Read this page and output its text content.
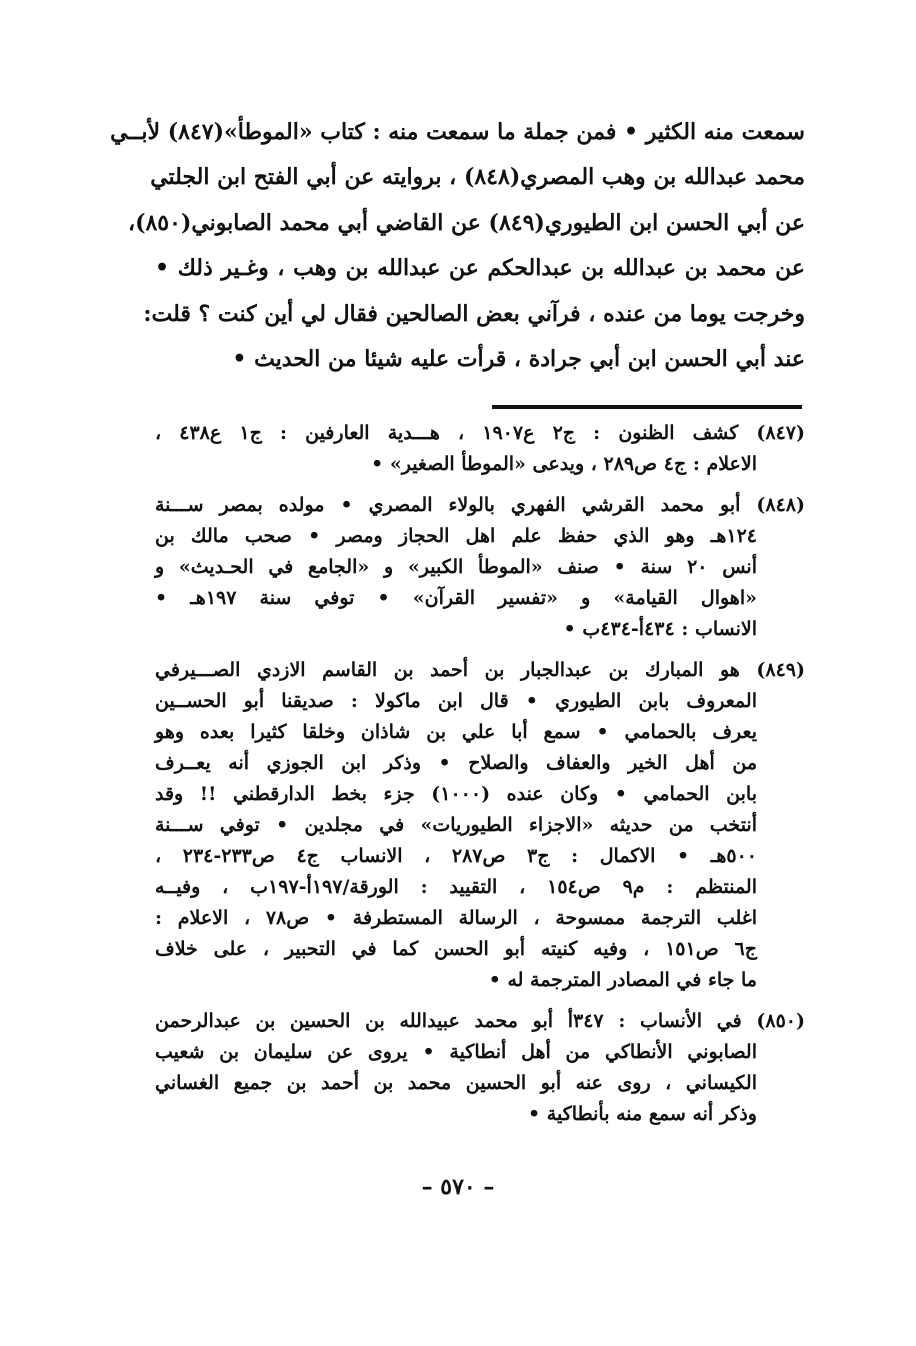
سمعت منه الكثير • فمن جملة ما سمعت منه : كتاب «الموطأ»(٨٤٧) لأبــي
محمد عبدالله بن وهب المصري(٨٤٨) ، بروايته عن أبي الفتح ابن الجلتي
عن أبي الحسن ابن الطيوري(٨٤٩) عن القاضي أبي محمد الصابوني(٨٥٠)،
عن محمد بن عبدالله بن عبدالحكم عن عبدالله بن وهب ، وغـير ذلك •
وخرجت يوما من عنده ، فرآني بعض الصالحين فقال لي أين كنت ؟ قلت:
عند أبي الحسن ابن أبي جرادة ، قرأت عليه شيئا من الحديث •
(٨٤٧) كشف الظنون : ج٢ ع١٩٠٧ ، هـــدية العارفين : ج١ ع٤٣٨ ،
الاعلام : ج٤ ص٢٨٩ ، ويدعى «الموطأ الصغير» •
(٨٤٨) أبو محمد القرشي الفهري بالولاء المصري • مولده بمصر ســـنة
١٢٤هـ وهو الذي حفظ علم اهل الحجاز ومصر • صحب مالك بن
أنس ٢٠ سنة • صنف «الموطأ الكبير» و «الجامع في الحـديث» و
«اهوال القيامة» و «تفسير القرآن» • توفي سنة ١٩٧هـ •
الانساب : ٤٣٤أ-٤٣٤ب •
(٨٤٩) هو المبارك بن عبدالجبار بن أحمد بن القاسم الازدي الصـــيرفي
المعروف بابن الطيوري • قال ابن ماكولا : صديقنا أبو الحســين
يعرف بالحمامي • سمع أبا علي بن شاذان وخلقا كثيرا بعده وهو
من أهل الخير والعفاف والصلاح • وذكر ابن الجوزي أنه يعــرف
بابن الحمامي • وكان عنده (١٠٠٠) جزء بخط الدارقطني !! وقد
أنتخب من حديثه «الاجزاء الطيوريات» في مجلدين • توفي ســـنة
٥٠٠هـ • الاكمال : ج٣ ص٢٨٧ ، الانساب ج٤ ص٢٣٣-٢٣٤ ،
المنتظم : م٩ ص١٥٤ ، التقييد : الورقة/١٩٧أ-١٩٧ب ، وفيــه
اغلب الترجمة ممسوحة ، الرسالة المستطرفة • ص٧٨ ، الاعلام :
ج٦ ص١٥١ ، وفيه كنيته أبو الحسن كما في التحبير ، على خلاف
ما جاء في المصادر المترجمة له •
(٨٥٠) في الأنساب : ٣٤٧أ أبو محمد عبيدالله بن الحسين بن عبدالرحمن
الصابوني الأنطاكي من أهل أنطاكية • يروى عن سليمان بن شعيب
الكيساني ، روى عنه أبو الحسين محمد بن أحمد بن جميع الغساني
وذكر أنه سمع منه بأنطاكية •
– ٥٧٠ –
